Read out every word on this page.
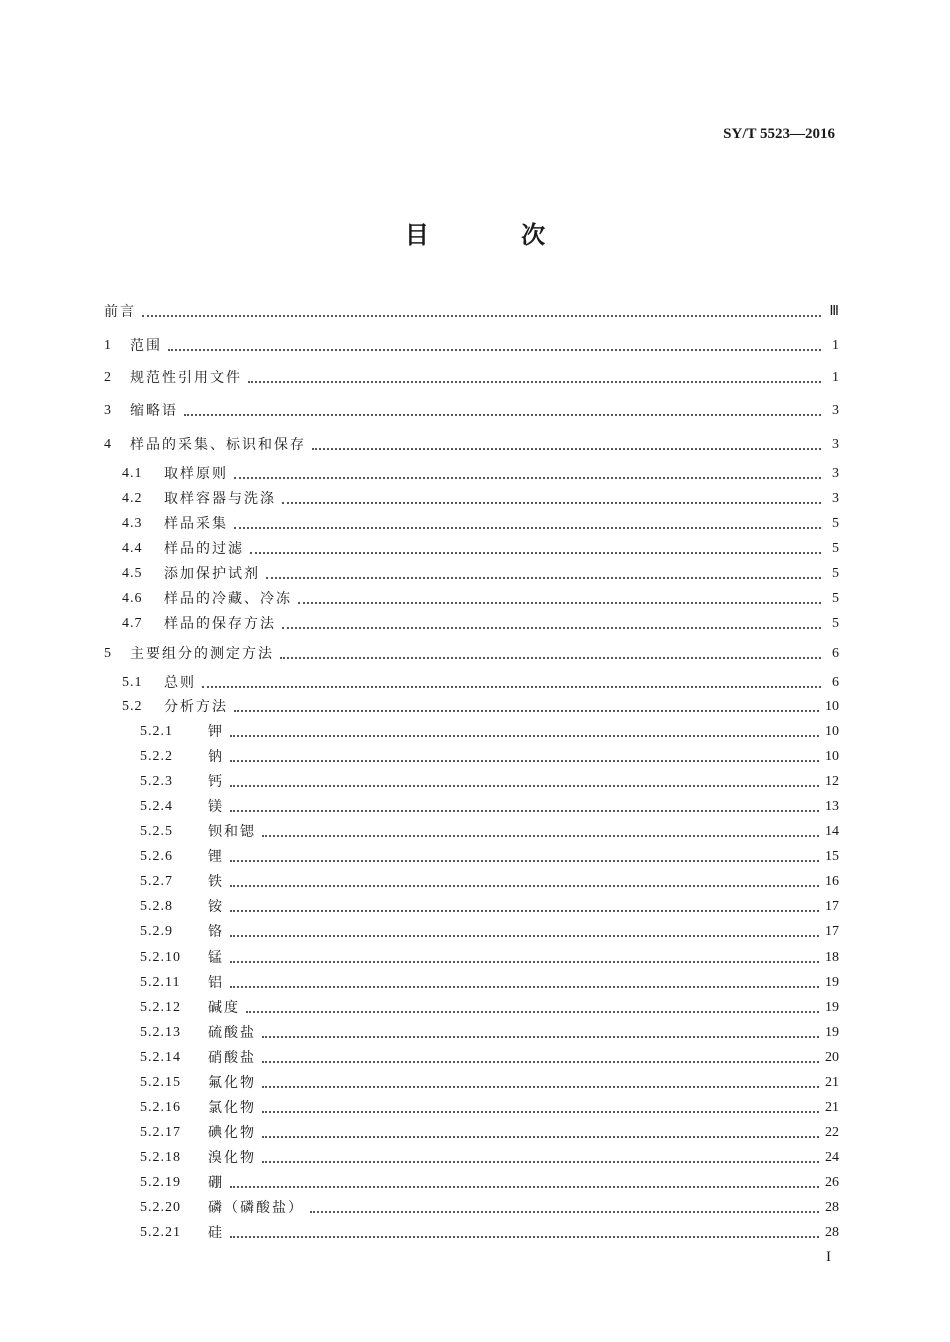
SY/T 5523—2016
目 次
前言	Ⅲ
1	范围	1
2	规范性引用文件	1
3	缩略语	3
4	样品的采集、标识和保存	3
4.1	取样原则	3
4.2	取样容器与洗涤	3
4.3	样品采集	5
4.4	样品的过滤	5
4.5	添加保护试剂	5
4.6	样品的冷藏、冷冻	5
4.7	样品的保存方法	5
5	主要组分的测定方法	6
5.1	总则	6
5.2	分析方法	10
5.2.1	钾	10
5.2.2	钠	10
5.2.3	钙	12
5.2.4	镁	13
5.2.5	钡和锶	14
5.2.6	锂	15
5.2.7	铁	16
5.2.8	铵	17
5.2.9	铬	17
5.2.10	锰	18
5.2.11	铝	19
5.2.12	碱度	19
5.2.13	硫酸盐	19
5.2.14	硝酸盐	20
5.2.15	氟化物	21
5.2.16	氯化物	21
5.2.17	碘化物	22
5.2.18	溴化物	24
5.2.19	硼	26
5.2.20	磷（磷酸盐）	28
5.2.21	硅	28
I
